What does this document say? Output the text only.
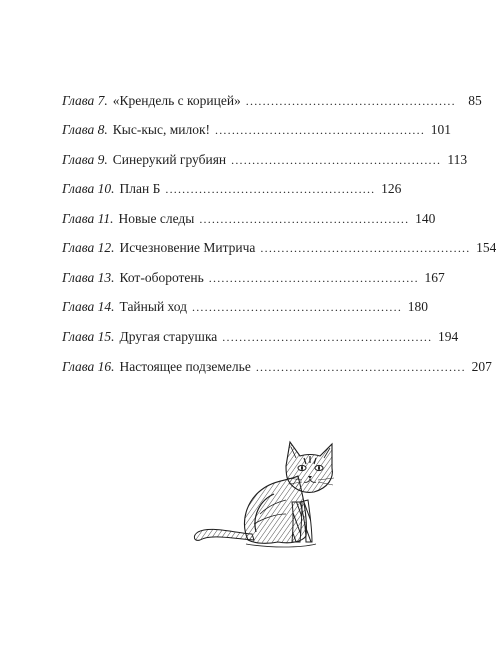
Глава 7. «Крендель с корицей» .................................................. 85
Глава 8. Кыс-кыс, милок! .................................................. 101
Глава 9. Синерукий грубиян .................................................. 113
Глава 10. План Б .................................................. 126
Глава 11. Новые следы .................................................. 140
Глава 12. Исчезновение Митрича .................................................. 154
Глава 13. Кот-оборотень .................................................. 167
Глава 14. Тайный ход .................................................. 180
Глава 15. Другая старушка .................................................. 194
Глава 16. Настоящее подземелье .................................................. 207
